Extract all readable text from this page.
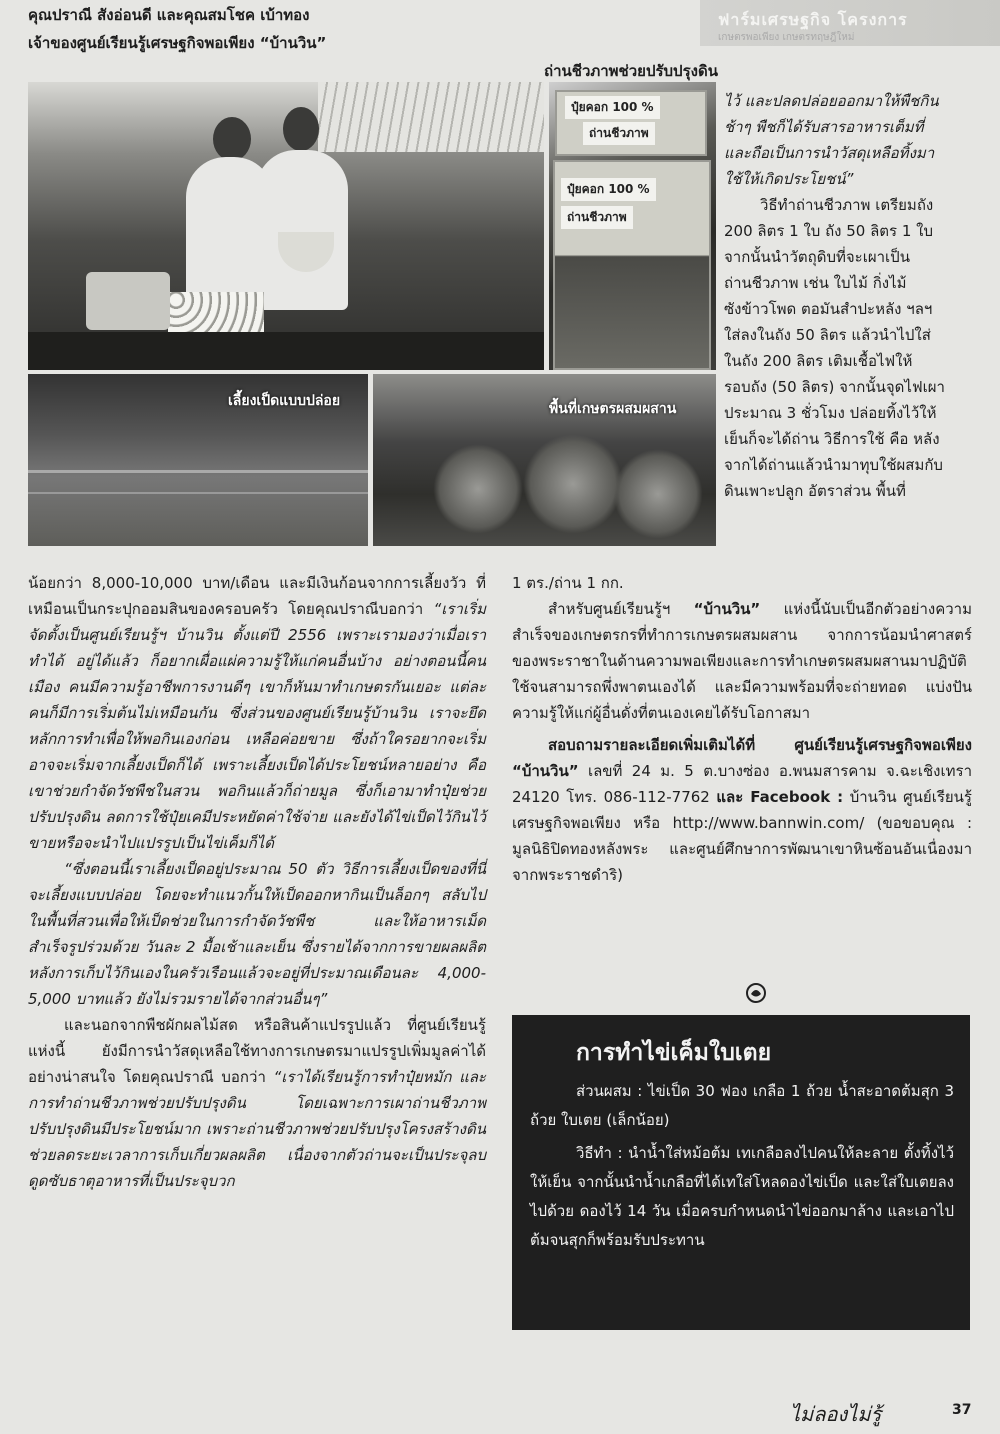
ฟาร์มเศรษฐกิจ โครงการ
เกษตรพอเพียง เกษตรทฤษฎีใหม่
คุณปราณี สังอ่อนดี และคุณสมโชค เบ้าทอง
เจ้าของศูนย์เรียนรู้เศรษฐกิจพอเพียง “บ้านวิน”
ถ่านชีวภาพช่วยปรับปรุงดิน
ปุ๋ยคอก 100 %
ถ่านชีวภาพ
ปุ๋ยคอก 100 %
ถ่านชีวภาพ
เลี้ยงเป็ดแบบปล่อย	พื้นที่เกษตรผสมผสาน

ไว้ และปลดปล่อยออกมาให้พืชกิน

ช้าๆ พืชก็ได้รับสารอาหารเต็มที่

และถือเป็นการนำวัสดุเหลือทิ้งมา

ใช้ให้เกิดประโยชน์”

วิธีทำถ่านชีวภาพ เตรียมถัง

200 ลิตร 1 ใบ ถัง 50 ลิตร 1 ใบ

จากนั้นนำวัตถุดิบที่จะเผาเป็น

ถ่านชีวภาพ เช่น ใบไม้ กิ่งไม้

ซังข้าวโพด ตอมันสำปะหลัง ฯลฯ

ใส่ลงในถัง 50 ลิตร แล้วนำไปใส่

ในถัง 200 ลิตร เติมเชื้อไฟให้

รอบถัง (50 ลิตร) จากนั้นจุดไฟเผา

ประมาณ 3 ชั่วโมง ปล่อยทิ้งไว้ให้

เย็นก็จะได้ถ่าน วิธีการใช้ คือ หลัง

จากได้ถ่านแล้วนำมาทุบใช้ผสมกับ

ดินเพาะปลูก อัตราส่วน พื้นที่

น้อยกว่า 8,000-10,000 บาท/เดือน และมีเงินก้อนจากการเลี้ยงวัว ที่เหมือนเป็นกระปุกออมสินของครอบครัว โดยคุณปราณีบอกว่า “เราเริ่มจัดตั้งเป็นศูนย์เรียนรู้ฯ บ้านวิน ตั้งแต่ปี 2556 เพราะเรามองว่าเมื่อเราทำได้ อยู่ได้แล้ว ก็อยากเผื่อแผ่ความรู้ให้แก่คนอื่นบ้าง อย่างตอนนี้คนเมือง คนมีความรู้อาชีพการงานดีๆ เขาก็หันมาทำเกษตรกันเยอะ แต่ละคนก็มีการเริ่มต้นไม่เหมือนกัน ซึ่งส่วนของศูนย์เรียนรู้บ้านวิน เราจะยึดหลักการทำเพื่อให้พอกินเองก่อน เหลือค่อยขาย ซึ่งถ้าใครอยากจะเริ่มอาจจะเริ่มจากเลี้ยงเป็ดก็ได้ เพราะเลี้ยงเป็ดได้ประโยชน์หลายอย่าง คือ เขาช่วยกำจัดวัชพืชในสวน พอกินแล้วก็ถ่ายมูล ซึ่งก็เอามาทำปุ๋ยช่วยปรับปรุงดิน ลดการใช้ปุ๋ยเคมีประหยัดค่าใช้จ่าย และยังได้ไข่เป็ดไว้กินไว้ขายหรือจะนำไปแปรรูปเป็นไข่เค็มก็ได้

“ซึ่งตอนนี้เราเลี้ยงเป็ดอยู่ประมาณ 50 ตัว วิธีการเลี้ยงเป็ดของที่นี่จะเลี้ยงแบบปล่อย โดยจะทำแนวกั้นให้เป็ดออกหากินเป็นล็อกๆ สลับไปในพื้นที่สวนเพื่อให้เป็ดช่วยในการกำจัดวัชพืช และให้อาหารเม็ดสำเร็จรูปร่วมด้วย วันละ 2 มื้อเช้าและเย็น ซึ่งรายได้จากการขายผลผลิตหลังการเก็บไว้กินเองในครัวเรือนแล้วจะอยู่ที่ประมาณเดือนละ 4,000-5,000 บาทแล้ว ยังไม่รวมรายได้จากส่วนอื่นๆ”

และนอกจากพืชผักผลไม้สด หรือสินค้าแปรรูปแล้ว ที่ศูนย์เรียนรู้แห่งนี้ ยังมีการนำวัสดุเหลือใช้ทางการเกษตรมาแปรรูปเพิ่มมูลค่าได้อย่างน่าสนใจ โดยคุณปราณี บอกว่า “เราได้เรียนรู้การทำปุ๋ยหมัก และการทำถ่านชีวภาพช่วยปรับปรุงดิน โดยเฉพาะการเผาถ่านชีวภาพปรับปรุงดินมีประโยชน์มาก เพราะถ่านชีวภาพช่วยปรับปรุงโครงสร้างดิน ช่วยลดระยะเวลาการเก็บเกี่ยวผลผลิต เนื่องจากตัวถ่านจะเป็นประจุลบดูดซับธาตุอาหารที่เป็นประจุบวก

1 ตร./ถ่าน 1 กก.

สำหรับศูนย์เรียนรู้ฯ “บ้านวิน” แห่งนี้นับเป็นอีกตัวอย่างความสำเร็จของเกษตรกรที่ทำการเกษตรผสมผสาน จากการน้อมนำศาสตร์ของพระราชาในด้านความพอเพียงและการทำเกษตรผสมผสานมาปฏิบัติใช้จนสามารถพึ่งพาตนเองได้ และมีความพร้อมที่จะถ่ายทอด แบ่งปันความรู้ให้แก่ผู้อื่นดั่งที่ตนเองเคยได้รับโอกาสมา

สอบถามรายละเอียดเพิ่มเติมได้ที่ ศูนย์เรียนรู้เศรษฐกิจพอเพียง “บ้านวิน” เลขที่ 24 ม. 5 ต.บางซ่อง อ.พนมสารคาม จ.ฉะเชิงเทรา 24120 โทร. 086-112-7762 และ Facebook : บ้านวิน ศูนย์เรียนรู้เศรษฐกิจพอเพียง หรือ http://www.bannwin.com/ (ขอขอบคุณ : มูลนิธิปิดทองหลังพระ และศูนย์ศึกษาการพัฒนาเขาหินซ้อนอันเนื่องมาจากพระราชดำริ)

การทำไข่เค็มใบเตย

ส่วนผสม : ไข่เป็ด 30 ฟอง เกลือ 1 ถ้วย น้ำสะอาดต้มสุก 3 ถ้วย ใบเตย (เล็กน้อย)

วิธีทำ : นำน้ำใส่หม้อต้ม เทเกลือลงไปคนให้ละลาย ตั้งทิ้งไว้ให้เย็น จากนั้นนำน้ำเกลือที่ได้เทใส่โหลดองไข่เป็ด และใส่ใบเตยลงไปด้วย ดองไว้ 14 วัน เมื่อครบกำหนดนำไข่ออกมาล้าง และเอาไปต้มจนสุกก็พร้อมรับประทาน

ไม่ลองไม่รู้	37
